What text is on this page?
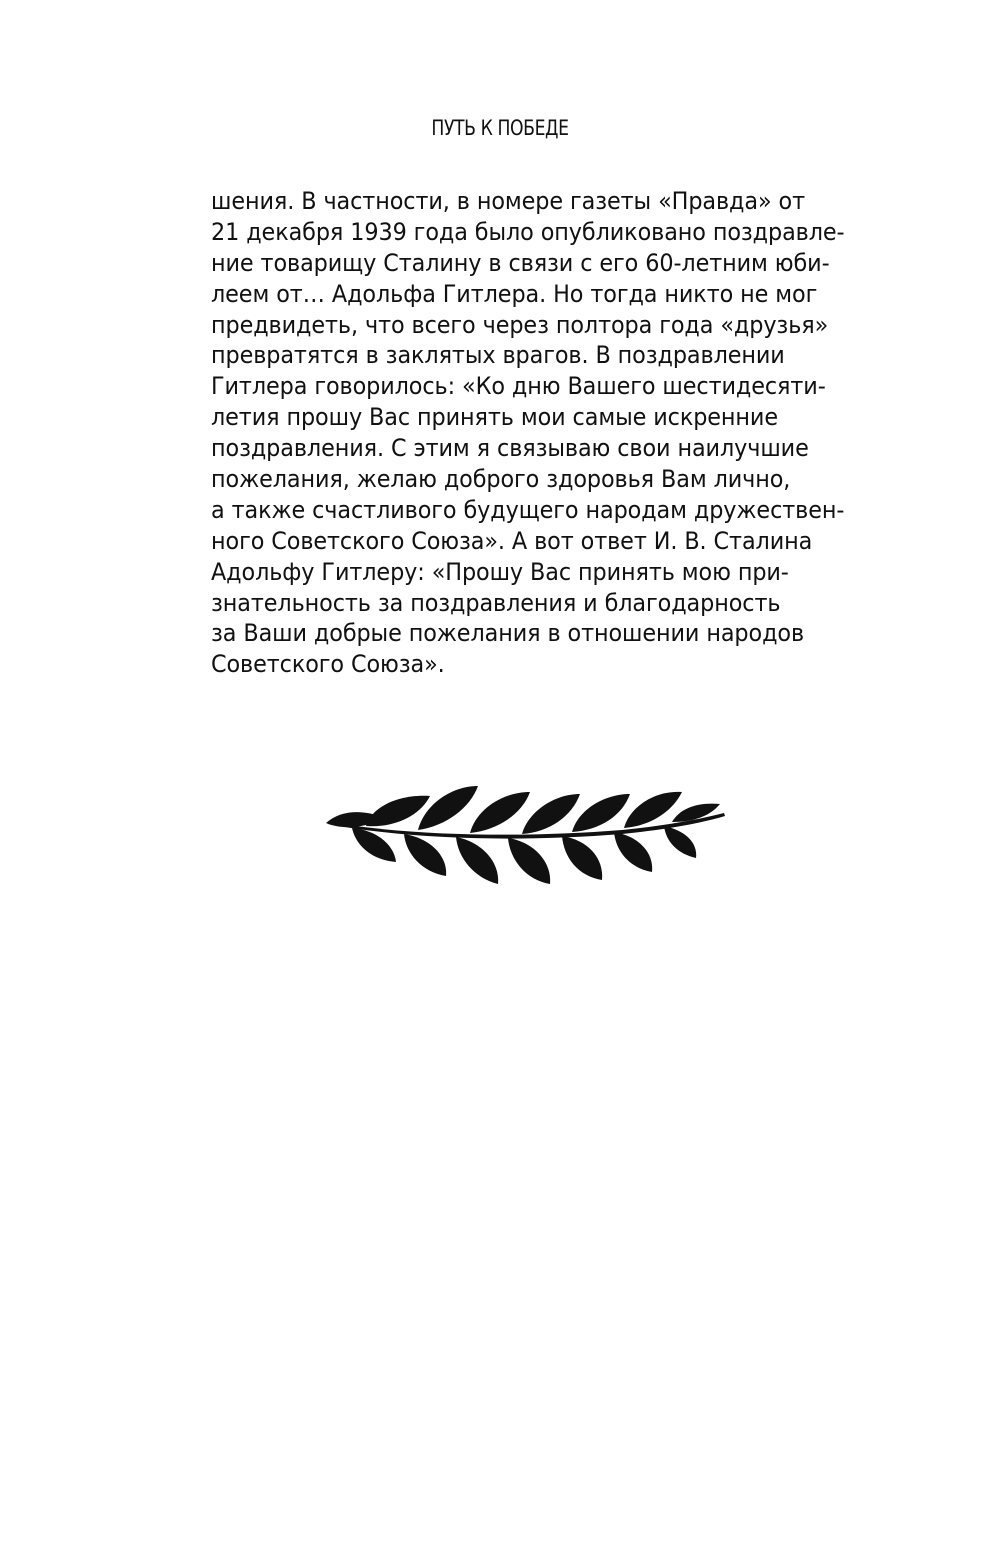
ПУТЬ К ПОБЕДЕ
шения. В частности, в номере газеты «Правда» от
21 декабря 1939 года было опубликовано поздравле-
ние товарищу Сталину в связи с его 60-летним юби-
леем от… Адольфа Гитлера. Но тогда никто не мог
предвидеть, что всего через полтора года «друзья»
превратятся в заклятых врагов. В поздравлении
Гитлера говорилось: «Ко дню Вашего шестидесяти-
летия прошу Вас принять мои самые искренние
поздравления. С этим я связываю свои наилучшие
пожелания, желаю доброго здоровья Вам лично,
а также счастливого будущего народам дружествен-
ного Советского Союза». А вот ответ И. В. Сталина
Адольфу Гитлеру: «Прошу Вас принять мою при-
знательность за поздравления и благодарность
за Ваши добрые пожелания в отношении народов
Советского Союза».
